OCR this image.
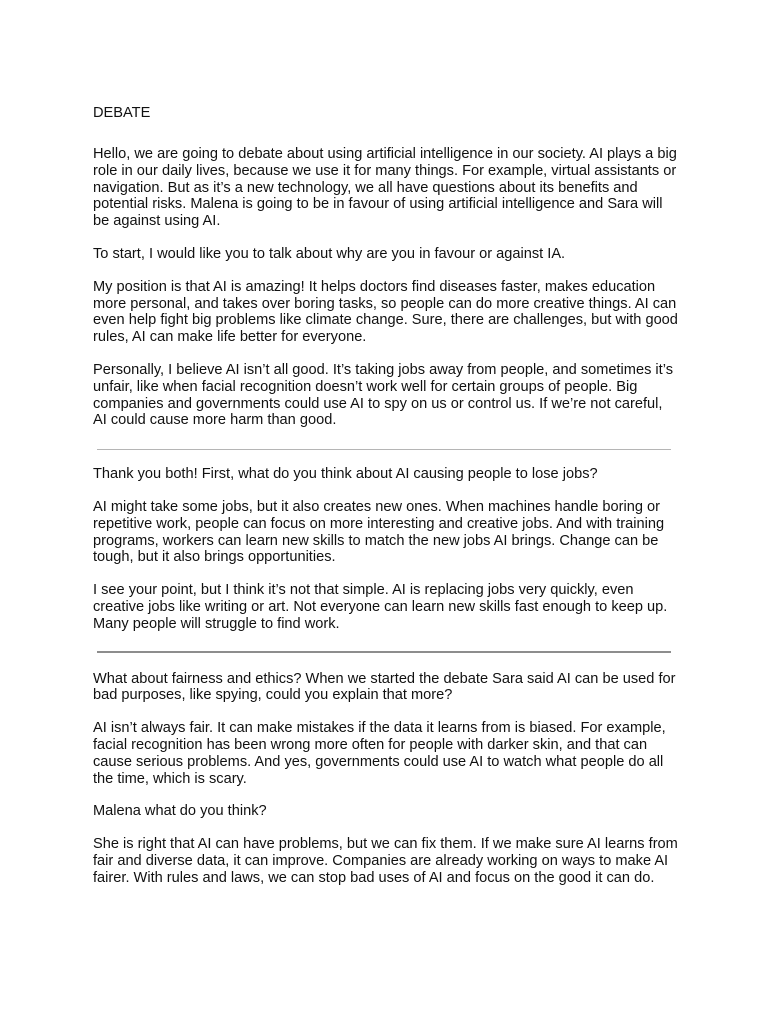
DEBATE

Hello, we are going to debate about using artificial intelligence in our society. AI plays a big role in our daily lives, because we use it for many things. For example, virtual assistants or navigation. But as it’s a new technology, we all have questions about its benefits and potential risks. Malena is going to be in favour of using artificial intelligence and Sara will be against using AI.

To start, I would like you to talk about why are you in favour or against IA.

My position is that AI is amazing! It helps doctors find diseases faster, makes education more personal, and takes over boring tasks, so people can do more creative things. AI can even help fight big problems like climate change. Sure, there are challenges, but with good rules, AI can make life better for everyone.

Personally, I believe AI isn’t all good. It’s taking jobs away from people, and sometimes it’s unfair, like when facial recognition doesn’t work well for certain groups of people. Big companies and governments could use AI to spy on us or control us. If we’re not careful, AI could cause more harm than good.

Thank you both! First, what do you think about AI causing people to lose jobs?

AI might take some jobs, but it also creates new ones. When machines handle boring or repetitive work, people can focus on more interesting and creative jobs. And with training programs, workers can learn new skills to match the new jobs AI brings. Change can be tough, but it also brings opportunities.

I see your point, but I think it’s not that simple. AI is replacing jobs very quickly, even creative jobs like writing or art. Not everyone can learn new skills fast enough to keep up. Many people will struggle to find work.

What about fairness and ethics? When we started the debate Sara said AI can be used for bad purposes, like spying, could you explain that more?

AI isn’t always fair. It can make mistakes if the data it learns from is biased. For example, facial recognition has been wrong more often for people with darker skin, and that can cause serious problems. And yes, governments could use AI to watch what people do all the time, which is scary.

Malena what do you think?

She is right that AI can have problems, but we can fix them. If we make sure AI learns from fair and diverse data, it can improve. Companies are already working on ways to make AI fairer. With rules and laws, we can stop bad uses of AI and focus on the good it can do.
